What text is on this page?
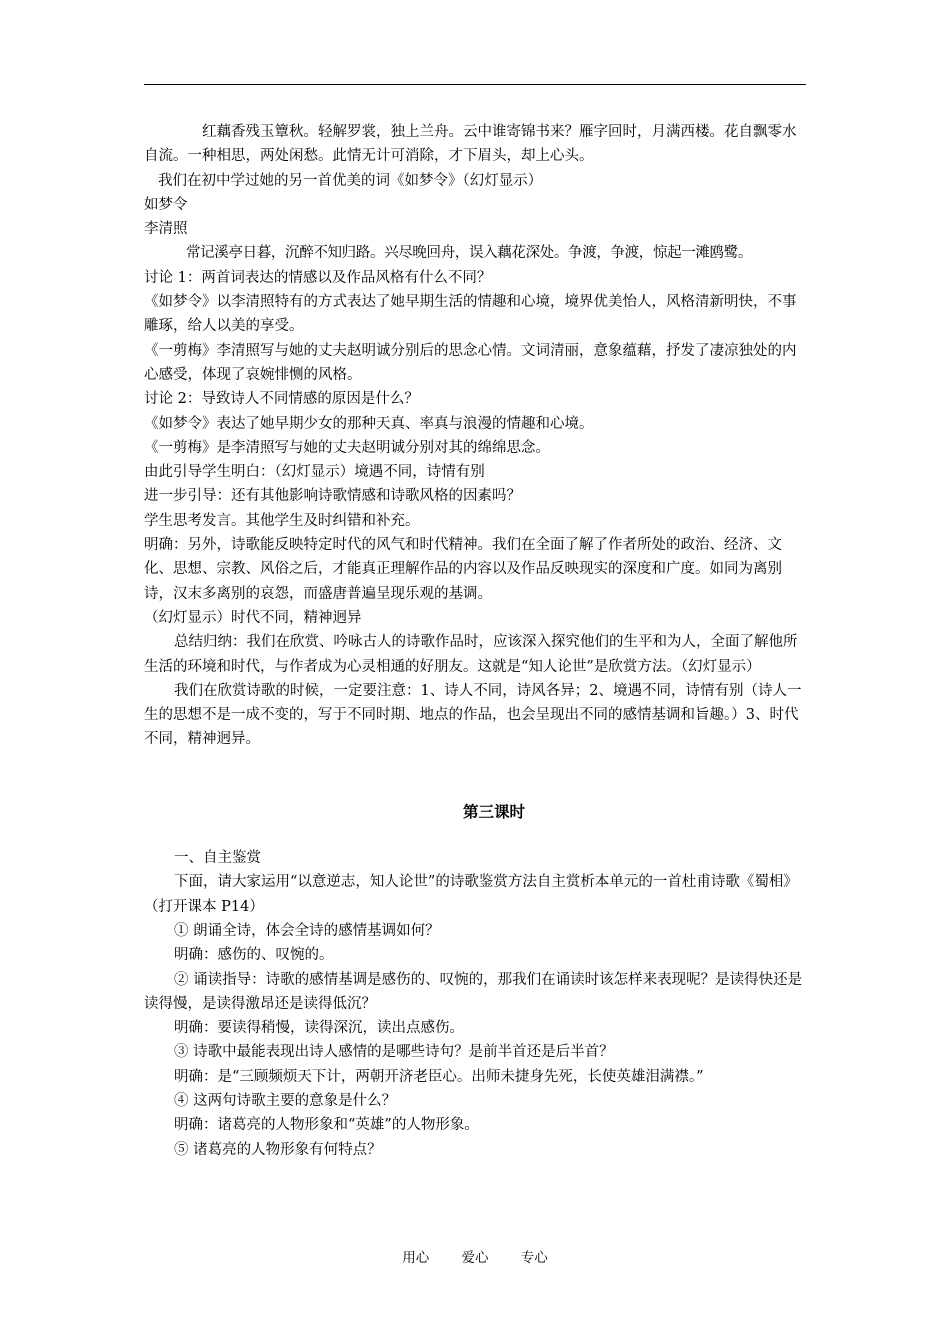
红藕香残玉簟秋。轻解罗裳，独上兰舟。云中谁寄锦书来？雁字回时，月满西楼。花自飘零水自流。一种相思，两处闲愁。此情无计可消除，才下眉头，却上心头。

我们在初中学过她的另一首优美的词《如梦令》（幻灯显示）

如梦令

李清照

常记溪亭日暮，沉醉不知归路。兴尽晚回舟，误入藕花深处。争渡，争渡，惊起一滩鸥鹭。

讨论 1：两首词表达的情感以及作品风格有什么不同？

《如梦令》以李清照特有的方式表达了她早期生活的情趣和心境，境界优美怡人，风格清新明快，不事雕琢，给人以美的享受。

《一剪梅》李清照写与她的丈夫赵明诚分别后的思念心情。文词清丽，意象蕴藉，抒发了凄凉独处的内心感受，体现了哀婉悱恻的风格。

讨论 2：导致诗人不同情感的原因是什么？

《如梦令》表达了她早期少女的那种天真、率真与浪漫的情趣和心境。

《一剪梅》是李清照写与她的丈夫赵明诚分别对其的绵绵思念。

由此引导学生明白：（幻灯显示）境遇不同，诗情有别

进一步引导：还有其他影响诗歌情感和诗歌风格的因素吗？

学生思考发言。其他学生及时纠错和补充。

明确：另外，诗歌能反映特定时代的风气和时代精神。我们在全面了解了作者所处的政治、经济、文化、思想、宗教、风俗之后，才能真正理解作品的内容以及作品反映现实的深度和广度。如同为离别诗，汉末多离别的哀怨，而盛唐普遍呈现乐观的基调。

（幻灯显示）时代不同，精神迥异

总结归纳：我们在欣赏、吟咏古人的诗歌作品时，应该深入探究他们的生平和为人，全面了解他所生活的环境和时代，与作者成为心灵相通的好朋友。这就是“知人论世”是欣赏方法。（幻灯显示）

我们在欣赏诗歌的时候，一定要注意：1、诗人不同，诗风各异；2、境遇不同，诗情有别（诗人一生的思想不是一成不变的，写于不同时期、地点的作品，也会呈现出不同的感情基调和旨趣。）3、时代不同，精神迥异。

第三课时

一、自主鉴赏

下面，请大家运用“以意逆志，知人论世”的诗歌鉴赏方法自主赏析本单元的一首杜甫诗歌《蜀相》（打开课本 P14）

① 朗诵全诗，体会全诗的感情基调如何？

明确：感伤的、叹惋的。

② 诵读指导：诗歌的感情基调是感伤的、叹惋的，那我们在诵读时该怎样来表现呢？是读得快还是读得慢，是读得激昂还是读得低沉？

明确：要读得稍慢，读得深沉，读出点感伤。

③ 诗歌中最能表现出诗人感情的是哪些诗句？是前半首还是后半首？

明确：是“三顾频烦天下计，两朝开济老臣心。出师未捷身先死，长使英雄泪满襟。”

④ 这两句诗歌主要的意象是什么？

明确：诸葛亮的人物形象和“英雄”的人物形象。

⑤ 诸葛亮的人物形象有何特点？

用心 爱心 专心
